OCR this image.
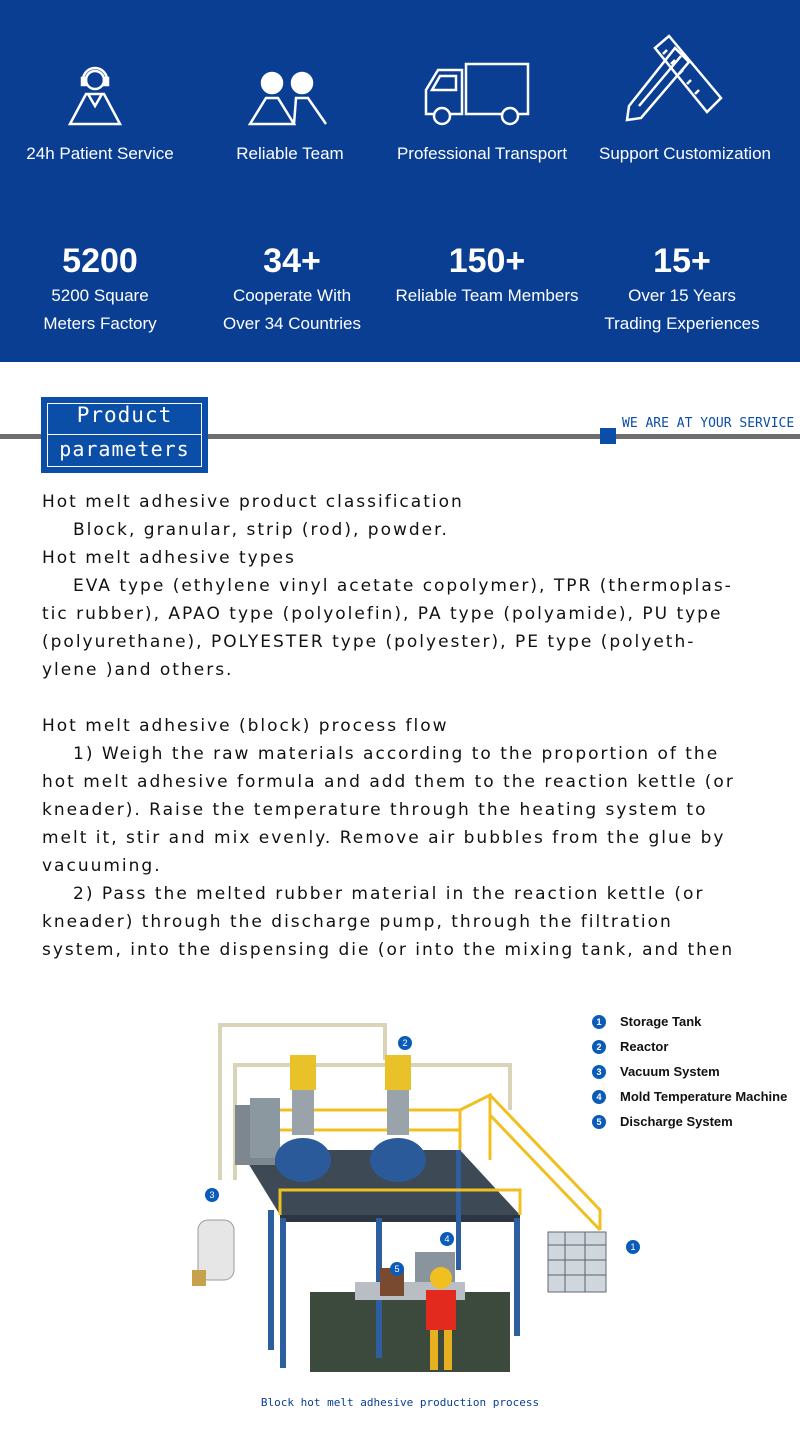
24h Patient Service	Reliable Team	Professional Transport	Support Customization
5200
5200 Square
Meters Factory
34+
Cooperate With
Over 34 Countries
150+
Reliable Team Members
15+
Over 15 Years
Trading Experiences
Product
parameters
WE ARE AT YOUR SERVICE

Hot melt adhesive product classification

Block, granular, strip (rod), powder.

Hot melt adhesive types

EVA type (ethylene vinyl acetate copolymer), TPR (thermoplas-

tic rubber), APAO type (polyolefin), PA type (polyamide), PU type

(polyurethane), POLYESTER type (polyester), PE type (polyeth-

ylene )and others.

Hot melt adhesive (block) process flow

1) Weigh the raw materials according to the proportion of the

hot melt adhesive formula and add them to the reaction kettle (or

kneader). Raise the temperature through the heating system to

melt it, stir and mix evenly. Remove air bubbles from the glue by

vacuuming.

2) Pass the melted rubber material in the reaction kettle (or

kneader) through the discharge pump, through the filtration

system, into the dispensing die (or into the mixing tank, and then

2
3
4
5
1
1	Storage Tank
2	Reactor
3	Vacuum System
4	Mold Temperature Machine
5	Discharge System
Block hot melt adhesive production process
